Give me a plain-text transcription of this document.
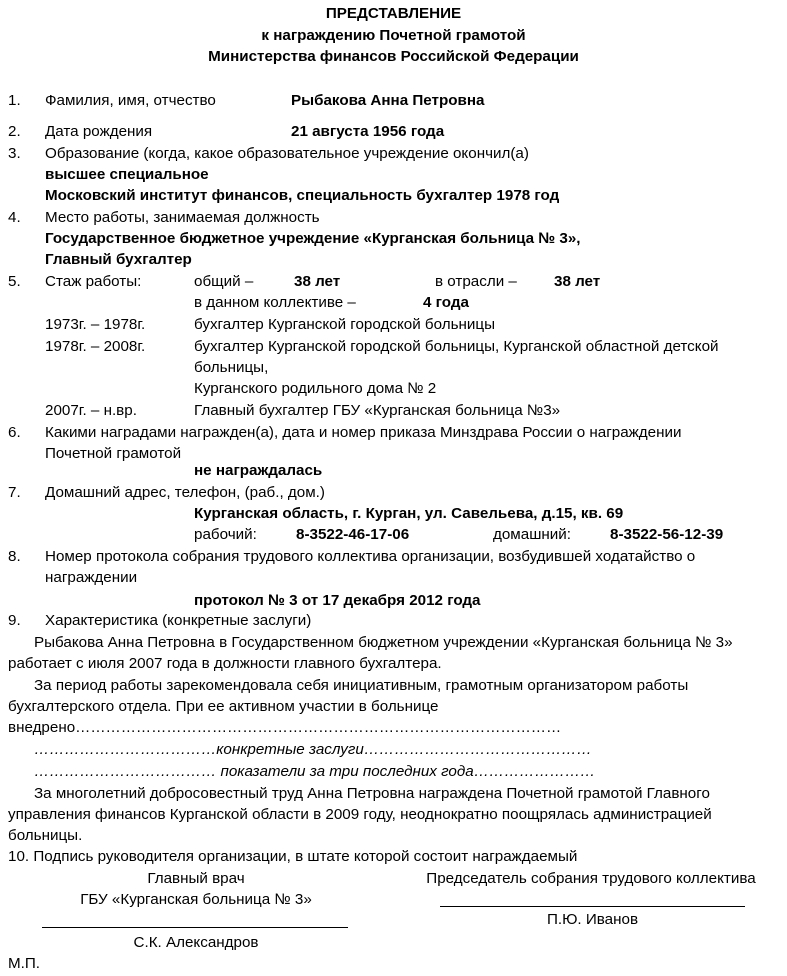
ПРЕДСТАВЛЕНИЕ
к награждению Почетной грамотой
Министерства финансов Российской Федерации
1. Фамилия, имя, отчество	Рыбакова Анна Петровна
2. Дата рождения	21 августа 1956 года
3. Образование (когда, какое образовательное учреждение окончил(а)
высшее специальное
Московский институт финансов, специальность бухгалтер 1978 год
4. Место работы, занимаемая должность
Государственное бюджетное учреждение «Курганская больница № 3»,
Главный бухгалтер
5. Стаж работы:	общий –	38 лет	в отрасли – 38 лет
в данном коллективе –	4 года
1973г. – 1978г.	бухгалтер Курганской городской больницы
1978г. – 2008г.	бухгалтер Курганской городской больницы, Курганской областной детской
больницы,
Курганского родильного дома № 2
2007г. – н.вр.	Главный бухгалтер ГБУ «Курганская больница №3»
6. Какими наградами награжден(а), дата и номер приказа Минздрава России о награждении
Почетной грамотой
не награждалась
7. Домашний адрес, телефон, (раб., дом.)
Курганская область, г. Курган, ул. Савельева, д.15, кв. 69
рабочий:	8-3522-46-17-06	домашний:	8-3522-56-12-39
8. Номер протокола собрания трудового коллектива организации, возбудившей ходатайство о
награждении
протокол № 3 от 17 декабря 2012 года
9. Характеристика (конкретные заслуги)
Рыбакова Анна Петровна в Государственном бюджетном учреждении «Курганская больница № 3»
работает с июля 2007 года в должности главного бухгалтера.
За период работы зарекомендовала себя инициативным, грамотным организатором работы
бухгалтерского отдела. При ее активном участии в больнице
внедрено……………………………………………………………………………………
………………………………конкретные заслуги………………………………………
……………………………… показатели за три последних года……………………
За многолетний добросовестный труд Анна Петровна награждена Почетной грамотой Главного
управления финансов Курганской области в 2009 году, неоднократно поощрялась администрацией
больницы.
10. Подпись руководителя организации, в штате которой состоит награждаемый
Главный врач
ГБУ «Курганская больница № 3»
С.К. Александров
Председатель собрания трудового коллектива
П.Ю. Иванов
М.П.
